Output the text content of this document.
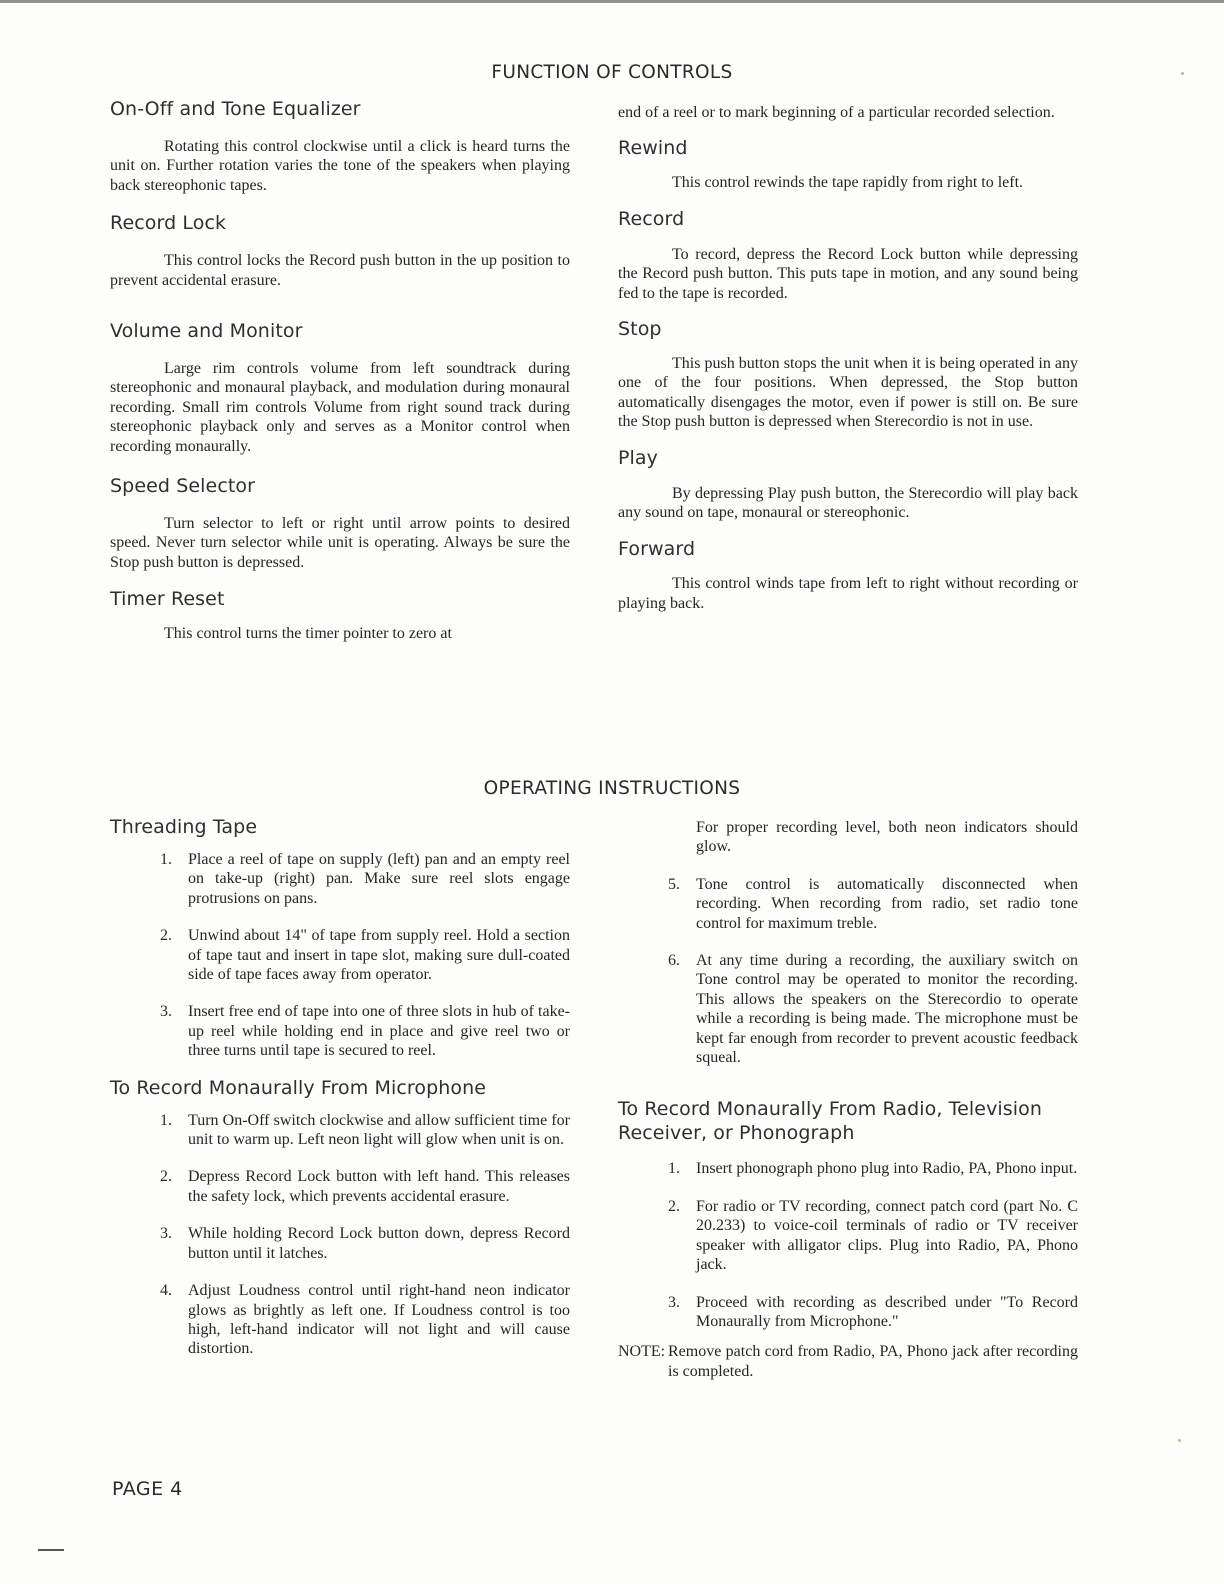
FUNCTION OF CONTROLS
On-Off and Tone Equalizer

Rotating this control clockwise until a click is heard turns the unit on. Further rotation varies the tone of the speakers when playing back stereophonic tapes.

Record Lock

This control locks the Record push button in the up position to prevent accidental erasure.

Volume and Monitor

Large rim controls volume from left soundtrack during stereophonic and monaural playback, and modulation during monaural recording. Small rim controls Volume from right sound track during stereophonic playback only and serves as a Monitor control when recording monaurally.

Speed Selector

Turn selector to left or right until arrow points to desired speed. Never turn selector while unit is operating. Always be sure the Stop push button is depressed.

Timer Reset

This control turns the timer pointer to zero at

end of a reel or to mark beginning of a particular recorded selection.

Rewind

This control rewinds the tape rapidly from right to left.

Record

To record, depress the Record Lock button while depressing the Record push button. This puts tape in motion, and any sound being fed to the tape is recorded.

Stop

This push button stops the unit when it is being operated in any one of the four positions. When depressed, the Stop button automatically disengages the motor, even if power is still on. Be sure the Stop push button is depressed when Sterecordio is not in use.

Play

By depressing Play push button, the Sterecordio will play back any sound on tape, monaural or stereophonic.

Forward

This control winds tape from left to right without recording or playing back.

OPERATING INSTRUCTIONS
Threading Tape
1. Place a reel of tape on supply (left) pan and an empty reel on take-up (right) pan. Make sure reel slots engage protrusions on pans.

2. Unwind about 14" of tape from supply reel. Hold a section of tape taut and insert in tape slot, making sure dull-coated side of tape faces away from operator.

3. Insert free end of tape into one of three slots in hub of take-up reel while holding end in place and give reel two or three turns until tape is secured to reel.

To Record Monaurally From Microphone
1. Turn On-Off switch clockwise and allow sufficient time for unit to warm up. Left neon light will glow when unit is on.

2. Depress Record Lock button with left hand. This releases the safety lock, which prevents accidental erasure.

3. While holding Record Lock button down, depress Record button until it latches.

4. Adjust Loudness control until right-hand neon indicator glows as brightly as left one. If Loudness control is too high, left-hand indicator will not light and will cause distortion.

For proper recording level, both neon indicators should glow.

5. Tone control is automatically disconnected when recording. When recording from radio, set radio tone control for maximum treble.

6. At any time during a recording, the auxiliary switch on Tone control may be operated to monitor the recording. This allows the speakers on the Sterecordio to operate while a recording is being made. The microphone must be kept far enough from recorder to prevent acoustic feedback squeal.

To Record Monaurally From Radio, Television
Receiver, or Phonograph
1. Insert phonograph phono plug into Radio, PA, Phono input.

2. For radio or TV recording, connect patch cord (part No. C 20.233) to voice-coil terminals of radio or TV receiver speaker with alligator clips. Plug into Radio, PA, Phono jack.

3. Proceed with recording as described under "To Record Monaurally from Microphone."

NOTE: Remove patch cord from Radio, PA, Phono jack after recording is completed.

PAGE 4
